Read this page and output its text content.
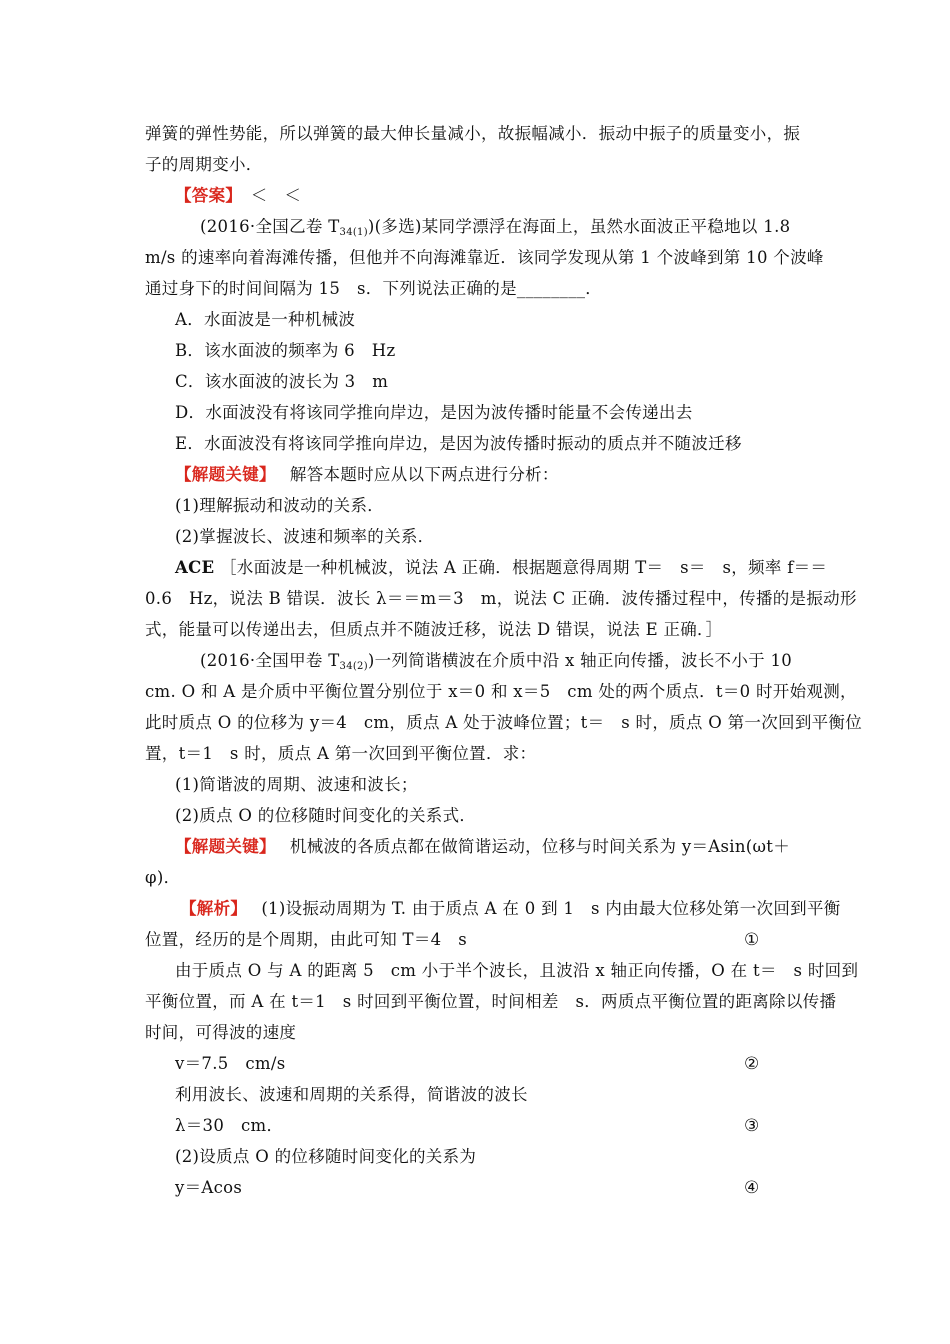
弹簧的弹性势能，所以弹簧的最大伸长量减小，故振幅减小．振动中振子的质量变小，振
子的周期变小．
【答案】　 ＜　＜
(2016·全国乙卷 $T_{34(1)}$)(多选)某同学漂浮在海面上，虽然水面波正平稳地以 1.8
m/s 的速率向着海滩传播，但他并不向海滩靠近．该同学发现从第 1 个波峰到第 10 个波峰
通过身下的时间间隔为 15　s．下列说法正确的是________．
A．水面波是一种机械波
B．该水面波的频率为 6　Hz
C．该水面波的波长为 3　m
D．水面波没有将该同学推向岸边，是因为波传播时能量不会传递出去
E．水面波没有将该同学推向岸边，是因为波传播时振动的质点并不随波迁移
【解题关键】　 解答本题时应从以下两点进行分析：
(1)理解振动和波动的关系．
(2)掌握波长、波速和频率的关系．
ACE ［水面波是一种机械波，说法 A 正确．根据题意得周期 T＝　s＝　s，频率 f＝＝
0.6　Hz，说法 B 错误．波长 λ＝＝m＝3　m，说法 C 正确．波传播过程中，传播的是振动形
式，能量可以传递出去，但质点并不随波迁移，说法 D 错误，说法 E 正确．］
(2016·全国甲卷 $T_{34(2)}$)一列简谐横波在介质中沿 x 轴正向传播，波长不小于 10
cm. O 和 A 是介质中平衡位置分别位于 x＝0 和 x＝5　cm 处的两个质点．t＝0 时开始观测，
此时质点 O 的位移为 y＝4　cm，质点 A 处于波峰位置；t＝　s 时，质点 O 第一次回到平衡位
置，t＝1　s 时，质点 A 第一次回到平衡位置．求：
(1)简谐波的周期、波速和波长；
(2)质点 O 的位移随时间变化的关系式．
【解题关键】　 机械波的各质点都在做简谐运动，位移与时间关系为 y＝Asin(ωt＋
φ)．
【解析】　 (1)设振动周期为 T. 由于质点 A 在 0 到 1　s 内由最大位移处第一次回到平衡
位置，经历的是个周期，由此可知 T＝4　s	①
由于质点 O 与 A 的距离 5　cm 小于半个波长，且波沿 x 轴正向传播，O 在 t＝　s 时回到
平衡位置，而 A 在 t＝1　s 时回到平衡位置，时间相差　s．两质点平衡位置的距离除以传播
时间，可得波的速度
v＝7.5　cm/s	②
利用波长、波速和周期的关系得，简谐波的波长
λ＝30　cm．	③
(2)设质点 O 的位移随时间变化的关系为
y＝Acos	④
